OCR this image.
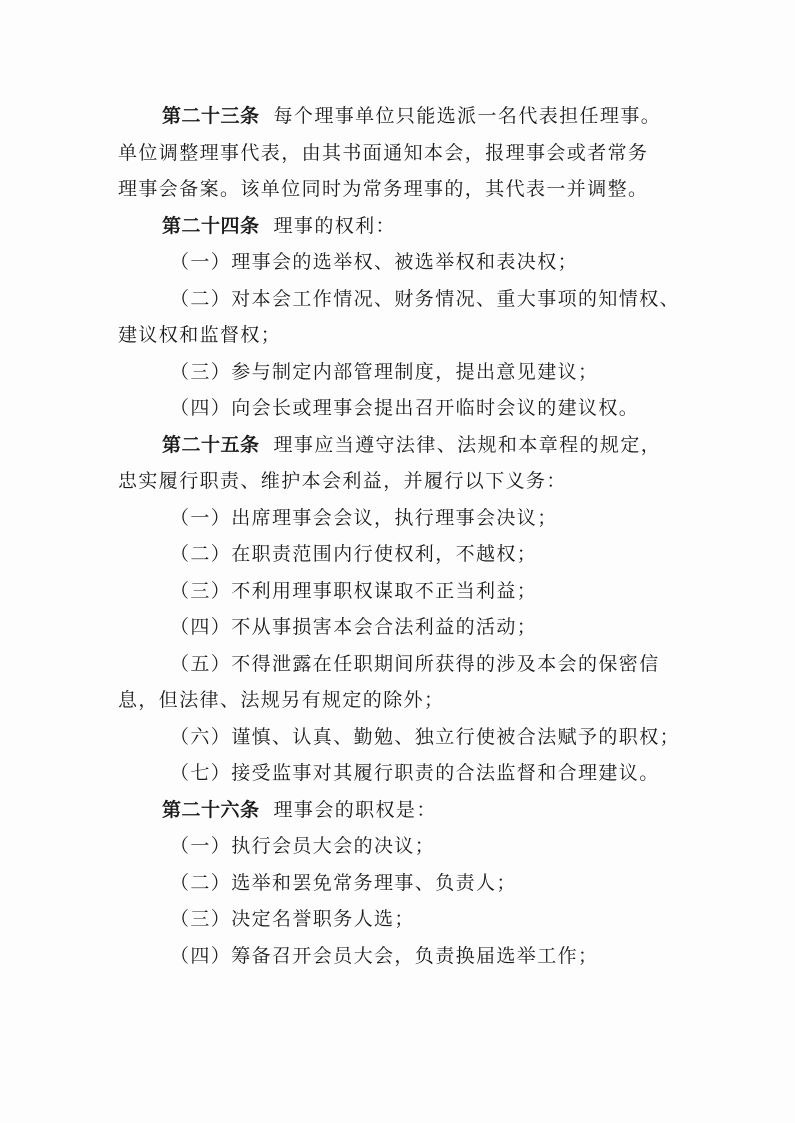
第二十三条 每个理事单位只能选派一名代表担任理事。
单位调整理事代表，由其书面通知本会，报理事会或者常务
理事会备案。该单位同时为常务理事的，其代表一并调整。
第二十四条 理事的权利：
（一）理事会的选举权、被选举权和表决权；
（二）对本会工作情况、财务情况、重大事项的知情权、
建议权和监督权；
（三）参与制定内部管理制度，提出意见建议；
（四）向会长或理事会提出召开临时会议的建议权。
第二十五条 理事应当遵守法律、法规和本章程的规定，
忠实履行职责、维护本会利益，并履行以下义务：
（一）出席理事会会议，执行理事会决议；
（二）在职责范围内行使权利，不越权；
（三）不利用理事职权谋取不正当利益；
（四）不从事损害本会合法利益的活动；
（五）不得泄露在任职期间所获得的涉及本会的保密信
息，但法律、法规另有规定的除外；
（六）谨慎、认真、勤勉、独立行使被合法赋予的职权；
（七）接受监事对其履行职责的合法监督和合理建议。
第二十六条 理事会的职权是：
（一）执行会员大会的决议；
（二）选举和罢免常务理事、负责人；
（三）决定名誉职务人选；
（四）筹备召开会员大会，负责换届选举工作；
